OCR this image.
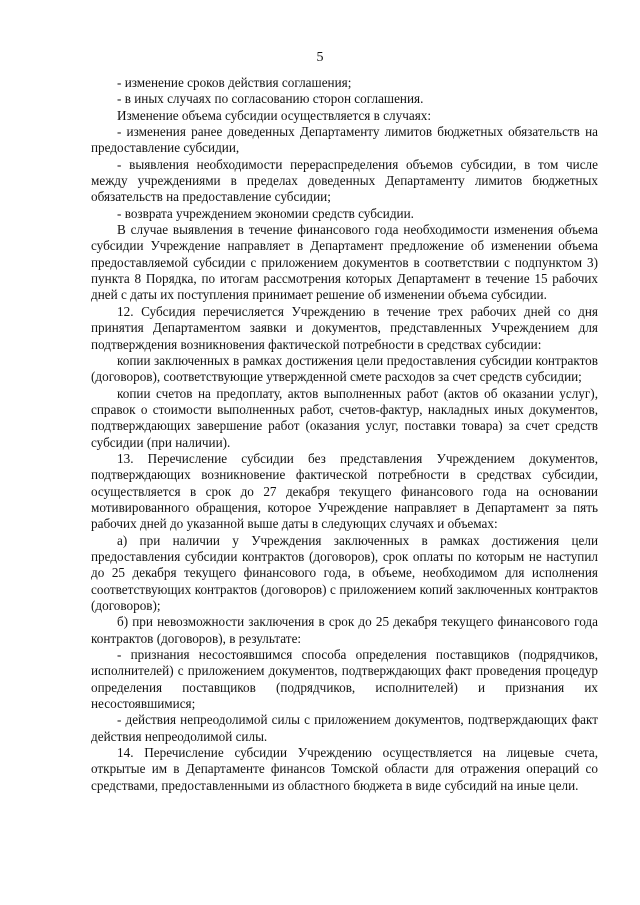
5

- изменение сроков действия соглашения;

- в иных случаях по согласованию сторон соглашения.

Изменение объема субсидии осуществляется в случаях:

- изменения ранее доведенных Департаменту лимитов бюджетных обязательств на предоставление субсидии,

- выявления необходимости перераспределения объемов субсидии, в том числе между учреждениями в пределах доведенных Департаменту лимитов бюджетных обязательств на предоставление субсидии;

- возврата учреждением экономии средств субсидии.

В случае выявления в течение финансового года необходимости изменения объема субсидии Учреждение направляет в Департамент предложение об изменении объема предоставляемой субсидии с приложением документов в соответствии с подпунктом 3) пункта 8 Порядка, по итогам рассмотрения которых Департамент в течение 15 рабочих дней с даты их поступления принимает решение об изменении объема субсидии.

12. Субсидия перечисляется Учреждению в течение трех рабочих дней со дня принятия Департаментом заявки и документов, представленных Учреждением для подтверждения возникновения фактической потребности в средствах субсидии:

копии заключенных в рамках достижения цели предоставления субсидии контрактов (договоров), соответствующие утвержденной смете расходов за счет средств субсидии;

копии счетов на предоплату, актов выполненных работ (актов об оказании услуг), справок о стоимости выполненных работ, счетов-фактур, накладных иных документов, подтверждающих завершение работ (оказания услуг, поставки товара) за счет средств субсидии (при наличии).

13. Перечисление субсидии без представления Учреждением документов, подтверждающих возникновение фактической потребности в средствах субсидии, осуществляется в срок до 27 декабря текущего финансового года на основании мотивированного обращения, которое Учреждение направляет в Департамент за пять рабочих дней до указанной выше даты в следующих случаях и объемах:

а) при наличии у Учреждения заключенных в рамках достижения цели предоставления субсидии контрактов (договоров), срок оплаты по которым не наступил до 25 декабря текущего финансового года, в объеме, необходимом для исполнения соответствующих контрактов (договоров) с приложением копий заключенных контрактов (договоров);

б) при невозможности заключения в срок до 25 декабря текущего финансового года контрактов (договоров), в результате:

- признания несостоявшимся способа определения поставщиков (подрядчиков, исполнителей) с приложением документов, подтверждающих факт проведения процедур определения поставщиков (подрядчиков, исполнителей) и признания их несостоявшимися;

- действия непреодолимой силы с приложением документов, подтверждающих факт действия непреодолимой силы.

14. Перечисление субсидии Учреждению осуществляется на лицевые счета, открытые им в Департаменте финансов Томской области для отражения операций со средствами, предоставленными из областного бюджета в виде субсидий на иные цели.
